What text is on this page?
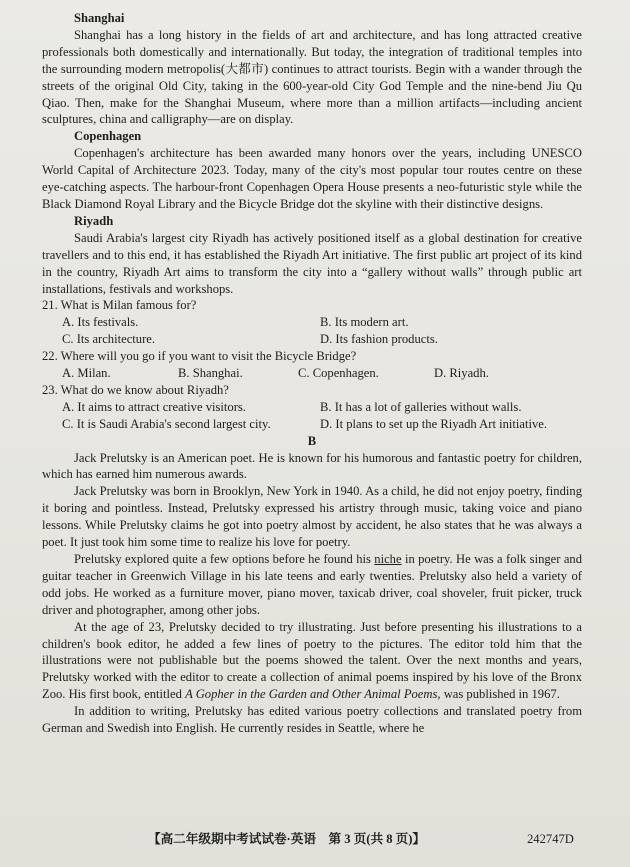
Shanghai

Shanghai has a long history in the fields of art and architecture, and has long attracted creative professionals both domestically and internationally. But today, the integration of traditional temples into the surrounding modern metropolis(大都市) continues to attract tourists. Begin with a wander through the streets of the original Old City, taking in the 600-year-old City God Temple and the nine-bend Jiu Qu Qiao. Then, make for the Shanghai Museum, where more than a million artifacts—including ancient sculptures, china and calligraphy—are on display.

Copenhagen

Copenhagen's architecture has been awarded many honors over the years, including UNESCO World Capital of Architecture 2023. Today, many of the city's most popular tour routes centre on these eye-catching aspects. The harbour-front Copenhagen Opera House presents a neo-futuristic style while the Black Diamond Royal Library and the Bicycle Bridge dot the skyline with their distinctive designs.

Riyadh

Saudi Arabia's largest city Riyadh has actively positioned itself as a global destination for creative travellers and to this end, it has established the Riyadh Art initiative. The first public art project of its kind in the country, Riyadh Art aims to transform the city into a “gallery without walls” through public art installations, festivals and workshops.

21. What is Milan famous for?
A. Its festivals.	B. Its modern art.
C. Its architecture.	D. Its fashion products.
22. Where will you go if you want to visit the Bicycle Bridge?
A. Milan.	B. Shanghai.	C. Copenhagen.	D. Riyadh.
23. What do we know about Riyadh?
A. It aims to attract creative visitors.	B. It has a lot of galleries without walls.
C. It is Saudi Arabia's second largest city.	D. It plans to set up the Riyadh Art initiative.
B

Jack Prelutsky is an American poet. He is known for his humorous and fantastic poetry for children, which has earned him numerous awards.

Jack Prelutsky was born in Brooklyn, New York in 1940. As a child, he did not enjoy poetry, finding it boring and pointless. Instead, Prelutsky expressed his artistry through music, taking voice and piano lessons. While Prelutsky claims he got into poetry almost by accident, he also states that he was always a poet. It just took him some time to realize his love for poetry.

Prelutsky explored quite a few options before he found his niche in poetry. He was a folk singer and guitar teacher in Greenwich Village in his late teens and early twenties. Prelutsky also held a variety of odd jobs. He worked as a furniture mover, piano mover, taxicab driver, coal shoveler, fruit picker, truck driver and photographer, among other jobs.

At the age of 23, Prelutsky decided to try illustrating. Just before presenting his illustrations to a children's book editor, he added a few lines of poetry to the pictures. The editor told him that the illustrations were not publishable but the poems showed the talent. Over the next months and years, Prelutsky worked with the editor to create a collection of animal poems inspired by his love of the Bronx Zoo. His first book, entitled A Gopher in the Garden and Other Animal Poems, was published in 1967.

In addition to writing, Prelutsky has edited various poetry collections and translated poetry from German and Swedish into English. He currently resides in Seattle, where he

【高二年级期中考试试卷·英语　第 3 页(共 8 页)】	242747D
